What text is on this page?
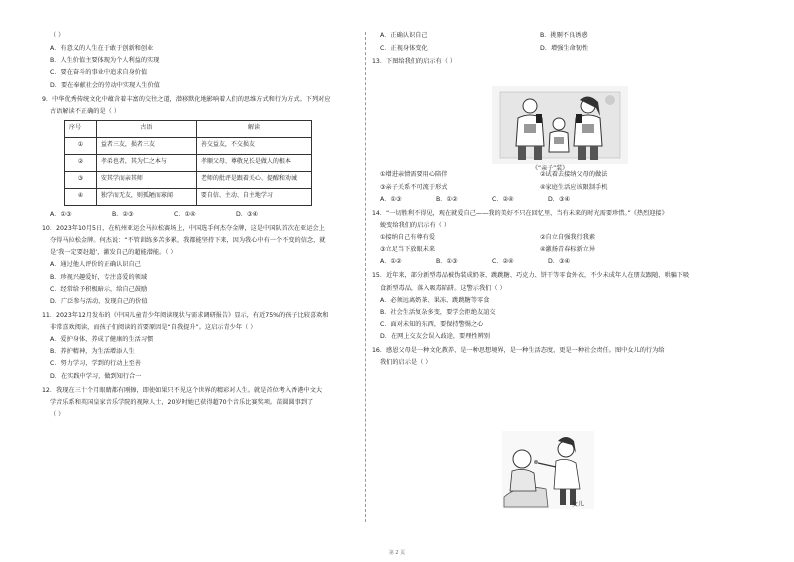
（ ）
A．有意义的人生在于敢于创新和创业
B．人生价值主要体现为个人利益的实现
C．要在奋斗的事业中追求自身价值
D．要在奉献社会的劳动中实现人生价值
9．中华优秀传统文化中蕴含着丰富的交往之道，潜移默化地影响着人们的思维方式和行为方式。下列对应
古语解读不正确的是（ ）
序号	古语	解读
①	益者三友，损者三友	善交益友，不交损友
②	孝弟也者，其为仁之本与	孝顺父母、尊敬兄长是做人的根本
③	安其学而亲其师	老师的批评是跟着关心、提醒和劝诫
④	独学而无友，则孤陋而寡闻	要自信、主动、自主地学习
A．①③	B．②③	C．①④	D．③④
10．2023年10月5日，在杭州亚运会马拉松赛场上，中国选手何杰夺金牌，这是中国队首次在亚运会上
夺得马拉松金牌。何杰说：“不管训练多苦多累，我都能坚持下来，因为我心中有一个不变的信念，就
是‘我一定要赶超’，激发自己的超能潜能。（ ）
A．通过他人评价的正确认识自己
B．珍视兴趣爱好，专注喜爱的领域
C．经常给予积极暗示，给自己鼓励
D．广泛参与活动，发现自己的价值
11．2023年12月发布的《中国儿童青少年阅读现状与需求调研报告》显示，有近75%的孩子比较喜欢和
非常喜欢阅读，而孩子们阅读的首要原因是“自我提升”。这启示青少年（ ）
A．爱护身体，养成了健康的生活习惯
B．养护精神，为生活增添人生
C．努力学习，学到的行动上至善
D．在实践中学习，做到知行合一
12．我现在三十个月眼睛都有刚擦，即使如果只不见这个世界的精彩对人生。就是首位考入香港中文大
学音乐系和英国皇家音乐学院的视障人士，20岁时她已获得超70个音乐比赛奖项。苗圆圆事到了
（ ）
A．正确认识自己	B．挑剔不良诱惑
C．正视身体变化	D．增强生命韧性
13．下图给我们的启示有（ ）
①增进亲情需要用心陪伴	②试着去接纳父母的做法
③亲子关系不可流于形式	④家庭生活应该限制手机
A．①③	B．①②	C．②④	D．③④
14．“一切胜利不得见，观在就爱自己——我的美好不只在回忆里，当有未来的时光需要珍惜。”《热烈迎接》
蜕变给我们的启示有（ ）
①接纳自己有尊有爱	②自立自强我行我素
③立足当下放眼未来	④激扬青春标新立异
A．①②	B．①③	C．②④	D．③④
15．近年来，部分新型毒品被伪装成奶茶、跳跳糖、巧克力、饼干等零食外衣，不少未成年人在朋友跟随、哄骗下吸
食新型毒品，落入吸毒陷阱。这警示我们（ ）
A．必须远离奶茶、果冻、跳跳糖等零食
B．社会生活复杂多变，要学会拒绝友誼交
C．面对未知的东西，要保持警惕之心
D．在网上交友会误入歧途，要理性辨别
16．感恩父母是一种文化教养，是一种思想境界，是一种生活态度，更是一种社会责任。图中女儿的行为给
我们的启示是（ ）
《“亲子”装》
女儿
第 2 页
